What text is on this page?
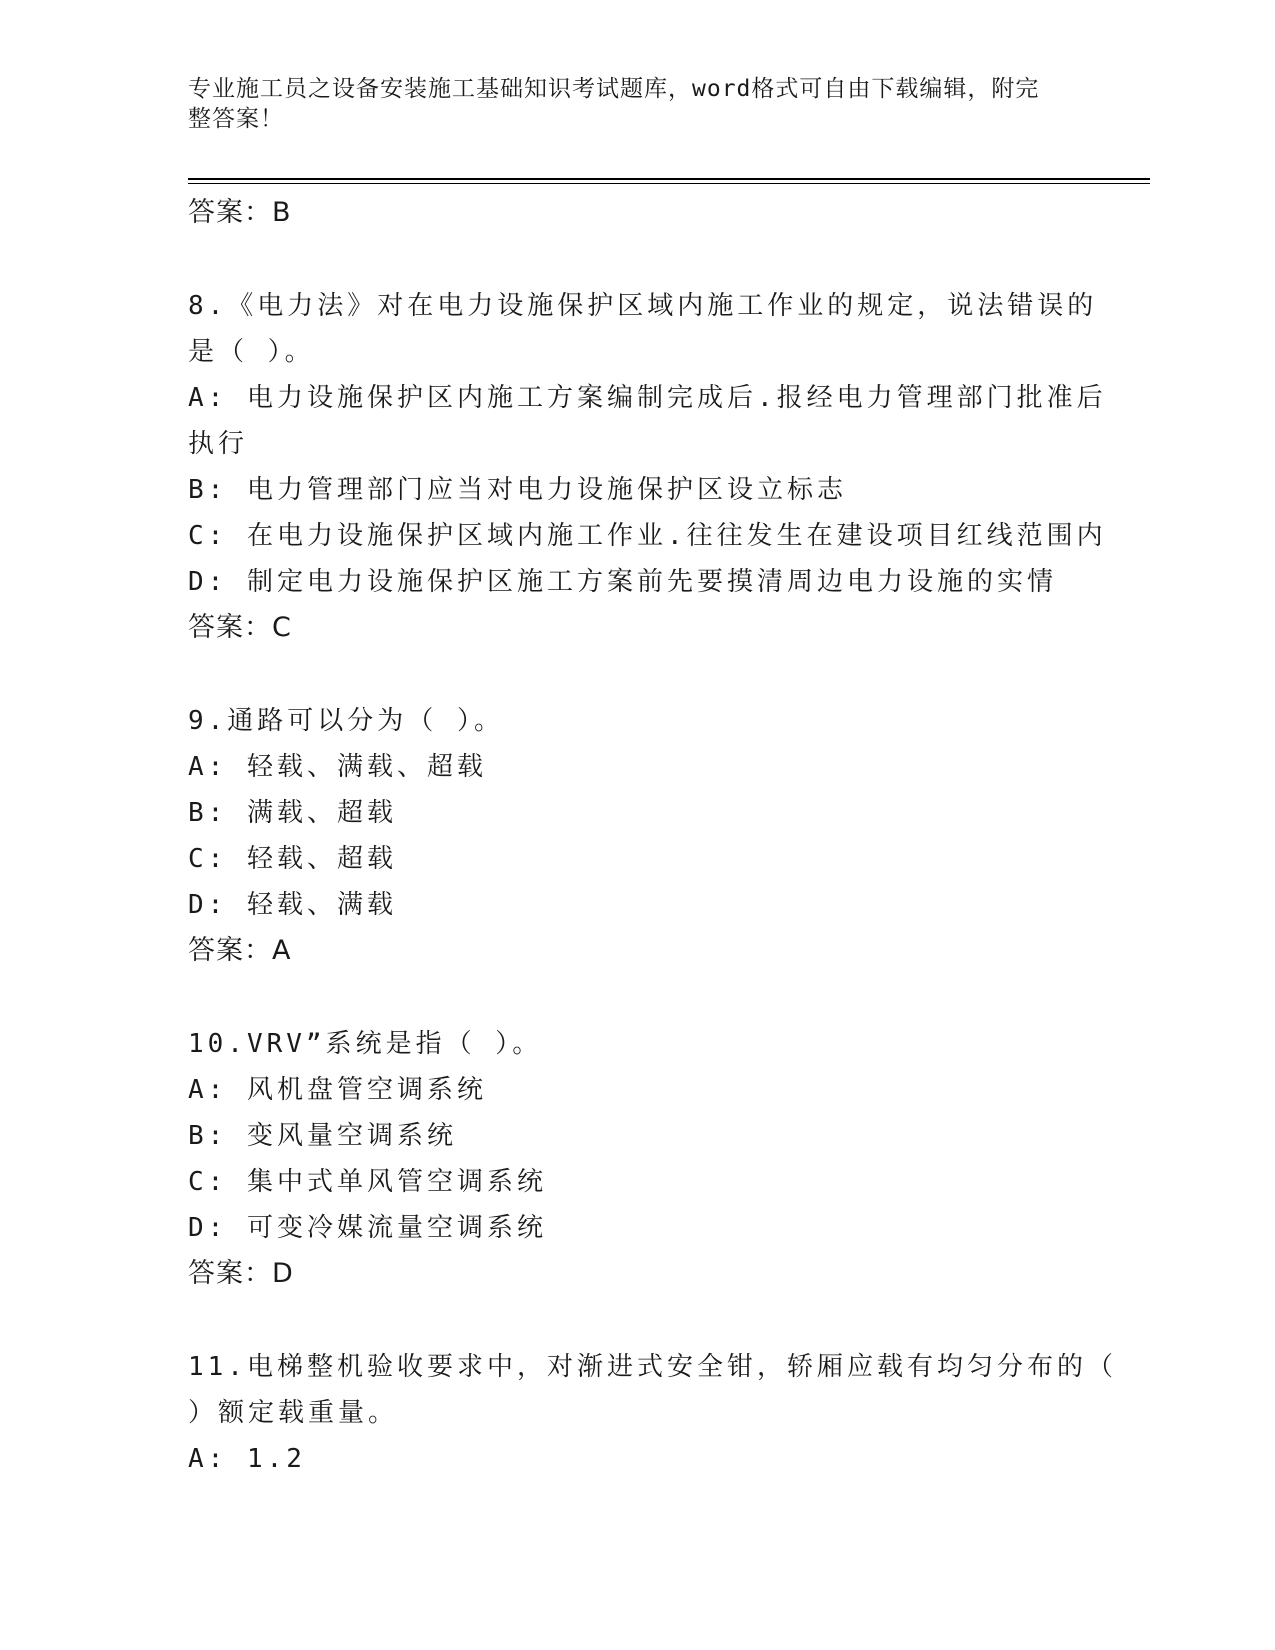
专业施工员之设备安装施工基础知识考试题库，word格式可自由下载编辑，附完
整答案！
答案：B
8.《电力法》对在电力设施保护区域内施工作业的规定，说法错误的
是（ ）。
A: 电力设施保护区内施工方案编制完成后.报经电力管理部门批准后
执行
B: 电力管理部门应当对电力设施保护区设立标志
C: 在电力设施保护区域内施工作业.往往发生在建设项目红线范围内
D: 制定电力设施保护区施工方案前先要摸清周边电力设施的实情
答案：C
9.通路可以分为（ ）。
A: 轻载、满载、超载
B: 满载、超载
C: 轻载、超载
D: 轻载、满载
答案：A
10.VRV”系统是指（ ）。
A: 风机盘管空调系统
B: 变风量空调系统
C: 集中式单风管空调系统
D: 可变冷媒流量空调系统
答案：D
11.电梯整机验收要求中，对渐进式安全钳，轿厢应载有均匀分布的（
）额定载重量。
A: 1.2
